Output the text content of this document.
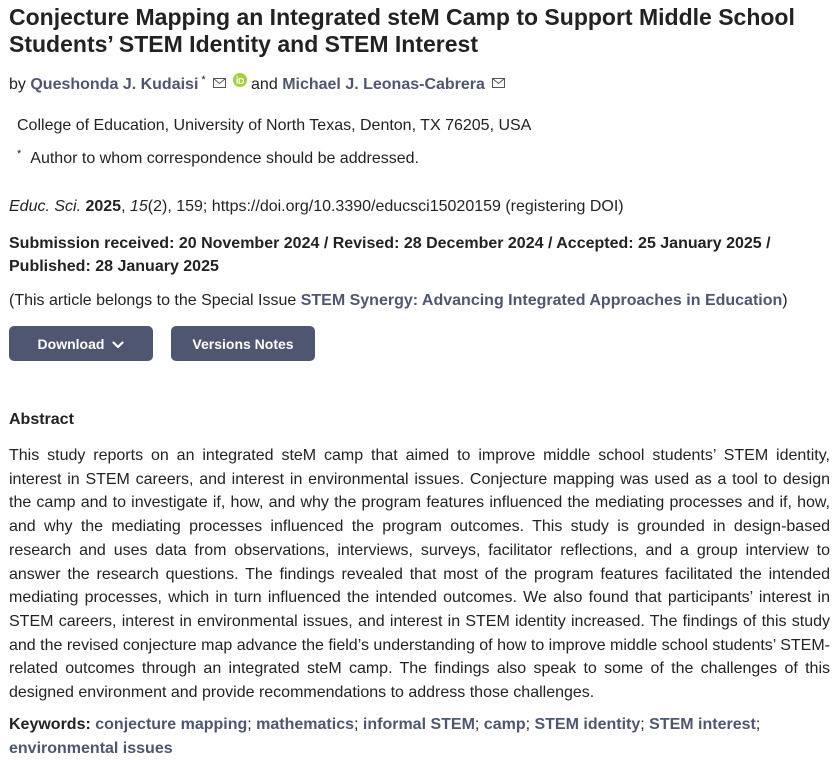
Conjecture Mapping an Integrated steM Camp to Support Middle School Students’ STEM Identity and STEM Interest
by Queshonda J. Kudaisi *	and Michael J. Leonas-Cabrera
College of Education, University of North Texas, Denton, TX 76205, USA
* Author to whom correspondence should be addressed.
Educ. Sci. 2025, 15(2), 159; https://doi.org/10.3390/educsci15020159 (registering DOI)
Submission received: 20 November 2024 / Revised: 28 December 2024 / Accepted: 25 January 2025 / Published: 28 January 2025
(This article belongs to the Special Issue STEM Synergy: Advancing Integrated Approaches in Education)
Download	Versions Notes
Abstract

This study reports on an integrated steM camp that aimed to improve middle school students’ STEM identity, interest in STEM careers, and interest in environmental issues. Conjecture mapping was used as a tool to design the camp and to investigate if, how, and why the program features influenced the mediating processes and if, how, and why the mediating processes influenced the program outcomes. This study is grounded in design-based research and uses data from observations, interviews, surveys, facilitator reflections, and a group interview to answer the research questions. The findings revealed that most of the program features facilitated the intended mediating processes, which in turn influenced the intended outcomes. We also found that participants’ interest in STEM careers, interest in environmental issues, and interest in STEM identity increased. The findings of this study and the revised conjecture map advance the field’s understanding of how to improve middle school students’ STEM-related outcomes through an integrated steM camp. The findings also speak to some of the challenges of this designed environment and provide recommendations to address those challenges.

Keywords: conjecture mapping; mathematics; informal STEM; camp; STEM identity; STEM interest; environmental issues
